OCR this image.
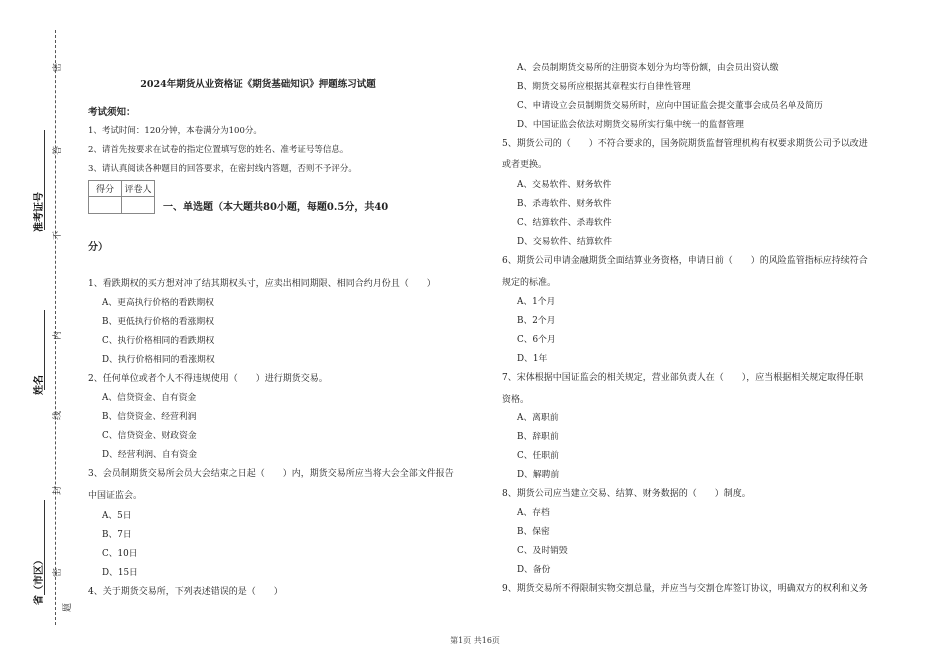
密
答
不
内
线
封
密
题
准考证号
姓名
省（市区）
2024年期货从业资格证《期货基础知识》押题练习试题
考试须知：
1、考试时间：120分钟，本卷满分为100分。
2、请首先按要求在试卷的指定位置填写您的姓名、准考证号等信息。
3、请认真阅读各种题目的回答要求，在密封线内答题，否则不予评分。
得分	评卷人

一、单选题（本大题共80小题，每题0.5分，共40
分）
1、看跌期权的买方想对冲了结其期权头寸，应卖出相同期限、相同合约月份且（　　）
A、更高执行价格的看跌期权
B、更低执行价格的看涨期权
C、执行价格相同的看跌期权
D、执行价格相同的看涨期权
2、任何单位或者个人不得违规使用（　　）进行期货交易。
A、信贷资金、自有资金
B、信贷资金、经营利润
C、信贷资金、财政资金
D、经营利润、自有资金
3、会员制期货交易所会员大会结束之日起（　　）内，期货交易所应当将大会全部文件报告
中国证监会。
A、5日
B、7日
C、10日
D、15日
4、关于期货交易所，下列表述错误的是（　　）
A、会员制期货交易所的注册资本划分为均等份额，由会员出资认缴
B、期货交易所应根据其章程实行自律性管理
C、申请设立会员制期货交易所时，应向中国证监会提交董事会成员名单及简历
D、中国证监会依法对期货交易所实行集中统一的监督管理
5、期货公司的（　　）不符合要求的，国务院期货监督管理机构有权要求期货公司予以改进
或者更换。
A、交易软件、财务软件
B、杀毒软件、财务软件
C、结算软件、杀毒软件
D、交易软件、结算软件
6、期货公司申请金融期货全面结算业务资格，申请日前（　　）的风险监管指标应持续符合
规定的标准。
A、1个月
B、2个月
C、6个月
D、1年
7、宋体根据中国证监会的相关规定，营业部负责人在（　　），应当根据相关规定取得任职
资格。
A、离职前
B、辞职前
C、任职前
D、解聘前
8、期货公司应当建立交易、结算、财务数据的（　　）制度。
A、存档
B、保密
C、及时销毁
D、备份
9、期货交易所不得限制实物交割总量，并应当与交割仓库签订协议，明确双方的权利和义务
第1页 共16页
